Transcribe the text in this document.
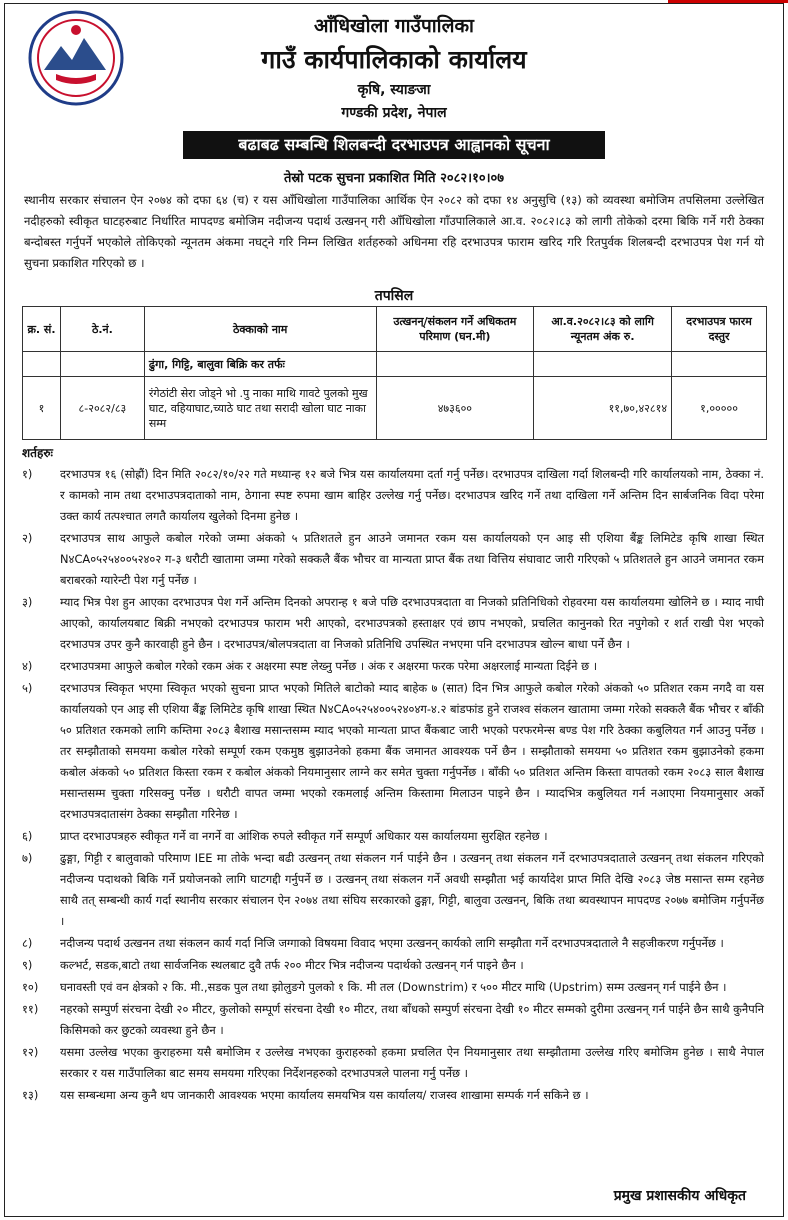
आँधिखोला गाउँपालिका
गाउँ कार्यपालिकाको कार्यालय
कृषि, स्याङजा
गण्डकी प्रदेश, नेपाल
बढाबढ सम्बन्धि शिलबन्दी दरभाउपत्र आह्वानको सूचना
तेस्रो पटक सुचना प्रकाशित मिति २०८२।१०।०७
स्थानीय सरकार संचालन ऐन २०७४ को दफा ६४ (च) र यस आँधिखोला गाउँपालिका आर्थिक ऐन २०८२ को दफा १४ अनुसुचि (१३) को व्यवस्था बमोजिम तपसिलमा उल्लेखित नदीहरुको स्वीकृत घाटहरुबाट निर्धारित मापदण्ड बमोजिम नदीजन्य पदार्थ उत्खनन् गरी आँधिखोला गाँउपालिकाले आ.व. २०८२।८३ को लागी तोकेको दरमा बिकि गर्ने गरी ठेक्का बन्दोबस्त गर्नुपर्ने भएकोले तोकिएको न्यूनतम अंकमा नघट्ने गरि निम्न लिखित शर्तहरुको अधिनमा रहि दरभाउपत्र फाराम खरिद गरि रितपुर्वक शिलबन्दी दरभाउपत्र पेश गर्न यो सुचना प्रकाशित गरिएको छ ।
तपसिल
क्र. सं.	ठे.नं.	ठेक्काको नाम	उत्खनन्/संकलन गर्ने अधिकतम परिमाण (घन.मी)	आ.व.२०८२।८३ को लागि न्यूनतम अंक रु.	दरभाउपत्र फारम दस्तुर
		ढुंगा, गिट्टि, बालुवा बिक्रि कर तर्फः			
१	८-२०८२/८३	रंगेठांटी सेरा जोड्ने भो .पु नाका माथि गावटे पुलको मुख घाट, वहियाघाट,च्याठे घाट तथा सरादी खोला घाट नाका सम्म	४७३६००	११,७०,४२८१४	१,०००००
शर्तहरुः
१)	दरभाउपत्र १६ (सोह्रौं) दिन मिति २०८२/१०/२२ गते मध्यान्ह १२ बजे भित्र यस कार्यालयमा दर्ता गर्नु पर्नेछ। दरभाउपत्र दाखिला गर्दा शिलबन्दी गरि कार्यालयको नाम, ठेक्का नं. र कामको नाम तथा दरभाउपत्रदाताको नाम, ठेगाना स्पष्ट रुपमा खाम बाहिर उल्लेख गर्नु पर्नेछ। दरभाउपत्र खरिद गर्ने तथा दाखिला गर्ने अन्तिम दिन सार्बजनिक विदा परेमा उक्त कार्य तत्पश्चात लगतै कार्यालय खुलेको दिनमा हुनेछ ।
२)	दरभाउपत्र साथ आफुले कबोल गरेको जम्मा अंकको ५ प्रतिशतले हुन आउने जमानत रकम यस कार्यालयको एन आइ सी एशिया बैंङ्क लिमिटेड कृषि शाखा स्थित N४CA०५२५४००५२४०२ ग-३ धरौटी खातामा जम्मा गरेको सक्कलै बैंक भौचर वा मान्यता प्राप्त बैंक तथा वित्तिय संघावाट जारी गरिएको ५ प्रतिशतले हुन आउने जमानत रकम बराबरको ग्यारेन्टी पेश गर्नु पर्नेछ ।
३)	म्याद भित्र पेश हुन आएका दरभाउपत्र पेश गर्ने अन्तिम दिनको अपरान्ह १ बजे पछि दरभाउपत्रदाता वा निजको प्रतिनिधिको रोहवरमा यस कार्यालयमा खोलिने छ । म्याद नाघी आएको, कार्यालयबाट बिक्री नभएको दरभाउपत्र फाराम भरी आएको, दरभाउपत्रको हस्ताक्षर एवं छाप नभएको, प्रचलित कानुनको रित नपुगेको र शर्त राखी पेश भएको दरभाउपत्र उपर कुनै कारवाही हुने छैन । दरभाउपत्र/बोलपत्रदाता वा निजको प्रतिनिधि उपस्थित नभएमा पनि दरभाउपत्र खोल्न बाधा पर्ने छैन ।
४)	दरभाउपत्रमा आफुले कबोल गरेको रकम अंक र अक्षरमा स्पष्ट लेख्नु पर्नेछ । अंक र अक्षरमा फरक परेमा अक्षरलाई मान्यता दिईने छ ।
५)	दरभाउपत्र स्विकृत भएमा स्विकृत भएको सुचना प्राप्त भएको मितिले बाटोको म्याद बाहेक ७ (सात) दिन भित्र आफुले कबोल गरेको अंकको ५० प्रतिशत रकम नगदै वा यस कार्यालयको एन आइ सी एशिया बैंङ्क लिमिटेड कृषि शाखा स्थित N४CA०५२५४००५२४०४ग-४.२ बांडफांड हुने राजश्व संकलन खातामा जम्मा गरेको सक्कलै बैंक भौचर र बाँकी ५० प्रतिशत रकमको लागि कम्तिमा २०८३ बैशाख मसान्तसम्म म्याद भएको मान्यता प्राप्त बैंकबाट जारी भएको परफरमेन्स बण्ड पेश गरि ठेक्का कबुलियत गर्न आउनु पर्नेछ । तर सम्झौताको समयमा कबोल गरेको सम्पूर्ण रकम एकमुष्ठ बुझाउनेको हकमा बैंक जमानत आवश्यक पर्ने छैन । सम्झौताको समयमा ५० प्रतिशत रकम बुझाउनेको हकमा कबोल अंकको ५० प्रतिशत किस्ता रकम र कबोल अंकको नियमानुसार लाग्ने कर समेत चुक्ता गर्नुपर्नेछ । बाँकी ५० प्रतिशत अन्तिम किस्ता वापतको रकम २०८३ साल बैशाख मसान्तसम्म चुक्ता गरिसक्नु पर्नेछ । धरौटी वापत जम्मा भएको रकमलाई अन्तिम किस्तामा मिलाउन पाइने छैन । म्यादभित्र कबुलियत गर्न नआएमा नियमानुसार अर्को दरभाउपत्रदातासंग ठेक्का सम्झौता गरिनेछ ।
६)	प्राप्त दरभाउपत्रहरु स्वीकृत गर्ने वा नगर्ने वा आंशिक रुपले स्वीकृत गर्ने सम्पूर्ण अधिकार यस कार्यालयमा सुरक्षित रहनेछ ।
७)	ढुङ्गा, गिट्टी र बालुवाको परिमाण IEE मा तोके भन्दा बढी उत्खनन् तथा संकलन गर्न पाईने छैन । उत्खनन् तथा संकलन गर्ने दरभाउपत्रदाताले उत्खनन् तथा संकलन गरिएको नदीजन्य पदाथको बिकि गर्ने प्रयोजनको लागि घाटगद्दी गर्नुपर्ने छ । उत्खनन् तथा संकलन गर्ने अवधी सम्झौता भई कार्यादेश प्राप्त मिति देखि २०८३ जेष्ठ मसान्त सम्म रहनेछ साथै तत् सम्बन्धी कार्य गर्दा स्थानीय सरकार संचालन ऐन २०७४ तथा संघिय सरकारको ढुङ्गा, गिट्टी, बालुवा उत्खनन्, बिकि तथा ब्यवस्थापन मापदण्ड २०७७ बमोजिम गर्नुपर्नेछ ।
८)	नदीजन्य पदार्थ उत्खनन तथा संकलन कार्य गर्दा निजि जग्गाको विषयमा विवाद भएमा उत्खनन् कार्यको लागि सम्झौता गर्ने दरभाउपत्रदाताले नै सहजीकरण गर्नुपर्नेछ ।
९)	कल्भर्ट, सडक,बाटो तथा सार्वजनिक स्थलबाट दुवै तर्फ २०० मीटर भित्र नदीजन्य पदार्थको उत्खनन् गर्न पाइने छैन ।
१०)	घनावस्ती एवं वन क्षेत्रको २ कि. मी.,सडक पुल तथा झोलुङगे पुलको १ कि. मी तल (Downstrim) र ५०० मीटर माथि (Upstrim) सम्म उत्खनन् गर्न पाईने छैन ।
११)	नहरको सम्पुर्ण संरचना देखी २० मीटर, कुलोको सम्पूर्ण संरचना देखी १० मीटर, तथा बाँधको सम्पुर्ण संरचना देखी १० मीटर सम्मको दुरीमा उत्खनन् गर्न पाईने छैन साथै कुनैपनि किसिमको कर छुटको व्यवस्था हुने छैन ।
१२)	यसमा उल्लेख भएका कुराहरुमा यसै बमोजिम र उल्लेख नभएका कुराहरुको हकमा प्रचलित ऐन नियमानुसार तथा सम्झौतामा उल्लेख गरिए बमोजिम हुनेछ । साथै नेपाल सरकार र यस गाउँपालिका बाट समय समयमा गरिएका निर्देशनहरुको दरभाउपत्रले पालना गर्नु पर्नेछ ।
१३)	यस सम्बन्धमा अन्य कुनै थप जानकारी आवश्यक भएमा कार्यालय समयभित्र यस कार्यालय/ राजस्व शाखामा सम्पर्क गर्न सकिने छ ।
प्रमुख प्रशासकीय अधिकृत
